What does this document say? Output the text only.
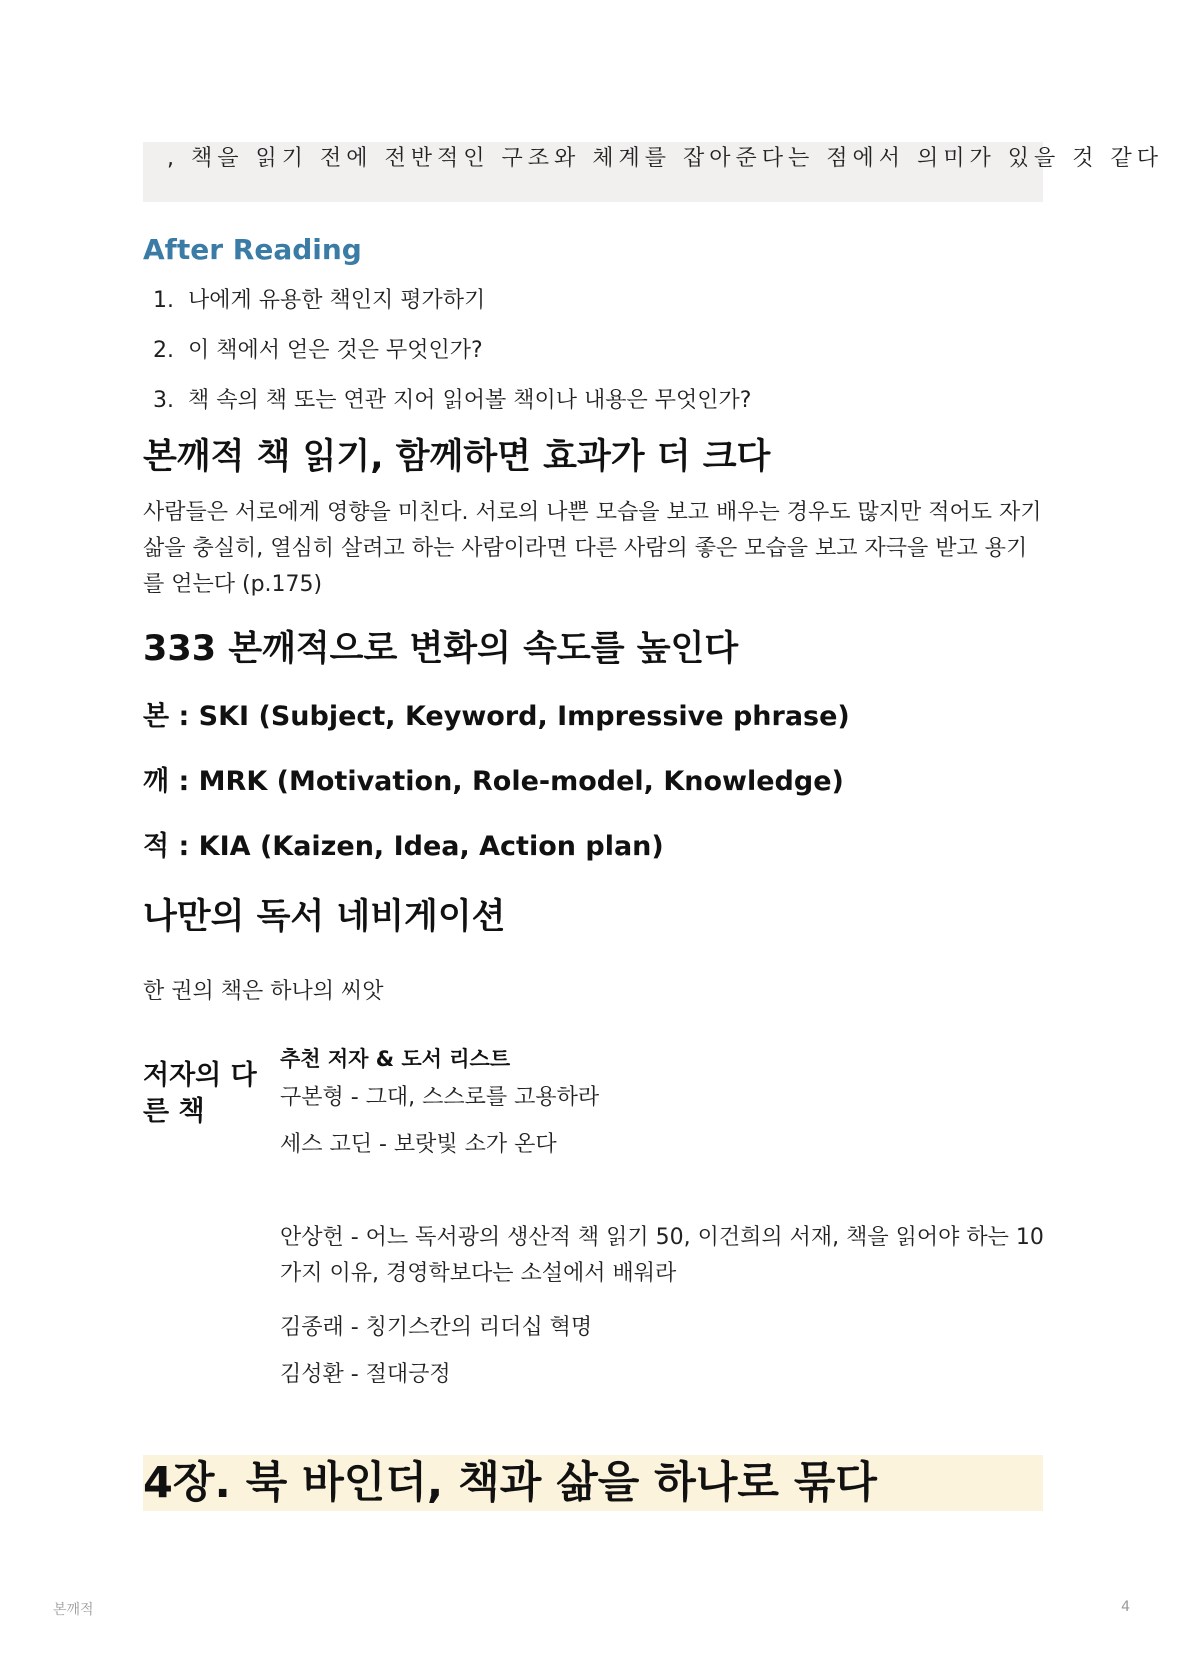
, 책을 읽기 전에 전반적인 구조와 체계를 잡아준다는 점에서 의미가 있을 것 같다
After Reading
1. 나에게 유용한 책인지 평가하기
2. 이 책에서 얻은 것은 무엇인가?
3. 책 속의 책 또는 연관 지어 읽어볼 책이나 내용은 무엇인가?
본깨적 책 읽기, 함께하면 효과가 더 크다

사람들은 서로에게 영향을 미친다. 서로의 나쁜 모습을 보고 배우는 경우도 많지만 적어도 자기 삶을 충실히, 열심히 살려고 하는 사람이라면 다른 사람의 좋은 모습을 보고 자극을 받고 용기를 얻는다 (p.175)

333 본깨적으로 변화의 속도를 높인다
본 : SKI (Subject, Keyword, Impressive phrase)
깨 : MRK (Motivation, Role-model, Knowledge)
적 : KIA (Kaizen, Idea, Action plan)
나만의 독서 네비게이션

한 권의 책은 하나의 씨앗

저자의 다른 책

추천 저자 & 도서 리스트

구본형 - 그대, 스스로를 고용하라

세스 고딘 - 보랏빛 소가 온다

안상헌 - 어느 독서광의 생산적 책 읽기 50, 이건희의 서재, 책을 읽어야 하는 10가지 이유, 경영학보다는 소설에서 배워라

김종래 - 칭기스칸의 리더십 혁명

김성환 - 절대긍정

4장. 북 바인더, 책과 삶을 하나로 묶다
본깨적	4
